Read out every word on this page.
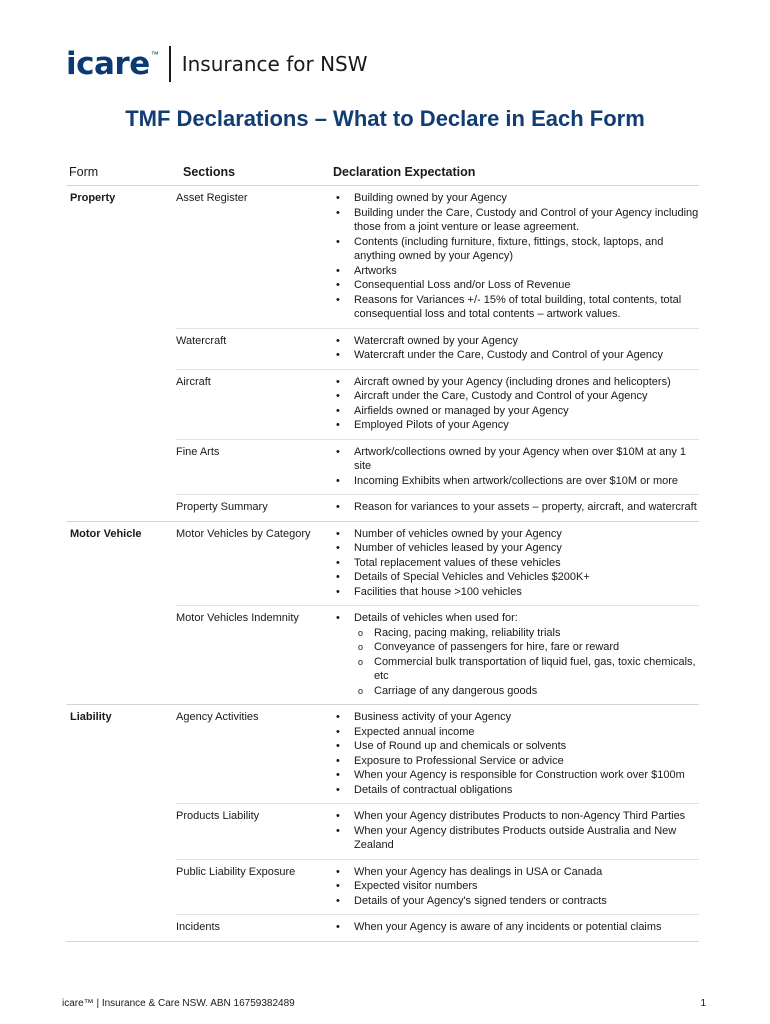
icare ™ Insurance for NSW
TMF Declarations – What to Declare in Each Form
Form	Sections	Declaration Expectation
Property	Asset Register	• Building owned by your Agency
• Building under the Care, Custody and Control of your Agency including those from a joint venture or lease agreement.
• Contents (including furniture, fixture, fittings, stock, laptops, and anything owned by your Agency)
• Artworks
• Consequential Loss and/or Loss of Revenue
• Reasons for Variances +/- 15% of total building, total contents, total consequential loss and total contents – artwork values.
Watercraft	• Watercraft owned by your Agency
• Watercraft under the Care, Custody and Control of your Agency
Aircraft	• Aircraft owned by your Agency (including drones and helicopters)
• Aircraft under the Care, Custody and Control of your Agency
• Airfields owned or managed by your Agency
• Employed Pilots of your Agency
Fine Arts	• Artwork/collections owned by your Agency when over $10M at any 1 site
• Incoming Exhibits when artwork/collections are over $10M or more
Property Summary	• Reason for variances to your assets – property, aircraft, and watercraft
Motor Vehicle	Motor Vehicles by Category	• Number of vehicles owned by your Agency
• Number of vehicles leased by your Agency
• Total replacement values of these vehicles
• Details of Special Vehicles and Vehicles $200K+
• Facilities that house >100 vehicles
Motor Vehicles Indemnity	• Details of vehicles when used for:
o Racing, pacing making, reliability trials
o Conveyance of passengers for hire, fare or reward
o Commercial bulk transportation of liquid fuel, gas, toxic chemicals, etc
o Carriage of any dangerous goods
Liability	Agency Activities	• Business activity of your Agency
• Expected annual income
• Use of Round up and chemicals or solvents
• Exposure to Professional Service or advice
• When your Agency is responsible for Construction work over $100m
• Details of contractual obligations
Products Liability	• When your Agency distributes Products to non-Agency Third Parties
• When your Agency distributes Products outside Australia and New Zealand
Public Liability Exposure	• When your Agency has dealings in USA or Canada
• Expected visitor numbers
• Details of your Agency's signed tenders or contracts
Incidents	• When your Agency is aware of any incidents or potential claims
icare™ | Insurance & Care NSW. ABN 16759382489	1
